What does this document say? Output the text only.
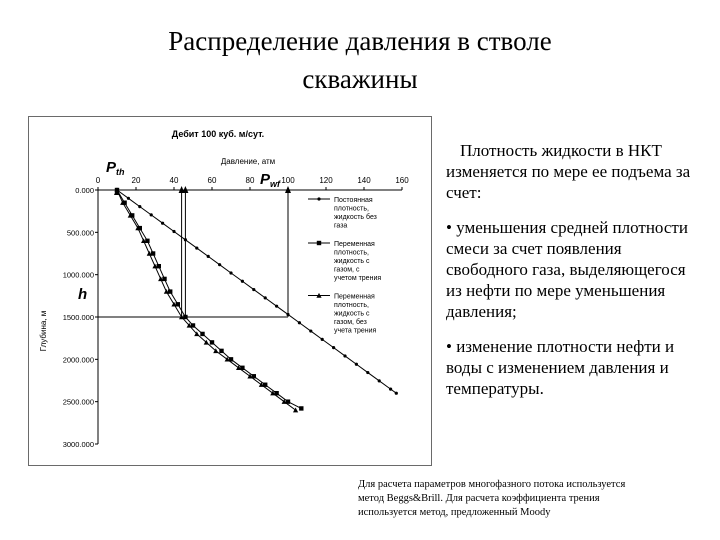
Распределение давления в стволе
скважины
Дебит 100 куб. м/сут.
Давление, атм
Глубина, м
0	20	40	60	80	100	120	140	160
0.000
500.000
1000.000
1500.000
2000.000
2500.000
3000.000
$P_{th}$	$P_{wf}$
h
Постоянная
плотность,
жидкость без
газа
Переменная
плотность,
жидкость с
газом, с
учетом трения
Переменная
плотность,
жидкость с
газом, без
учета трения

Плотность жидкости в НКТ изменяется по мере ее подъема за счет:

• уменьшения средней плотности смеси за счет появления свободного газа, выделяющегося из нефти по мере уменьшения давления;

• изменение плотности нефти и воды с изменением давления и температуры.

Для расчета параметров многофазного потока используется

метод Beggs&Brill. Для расчета коэффициента трения

используется метод, предложенный Moody
